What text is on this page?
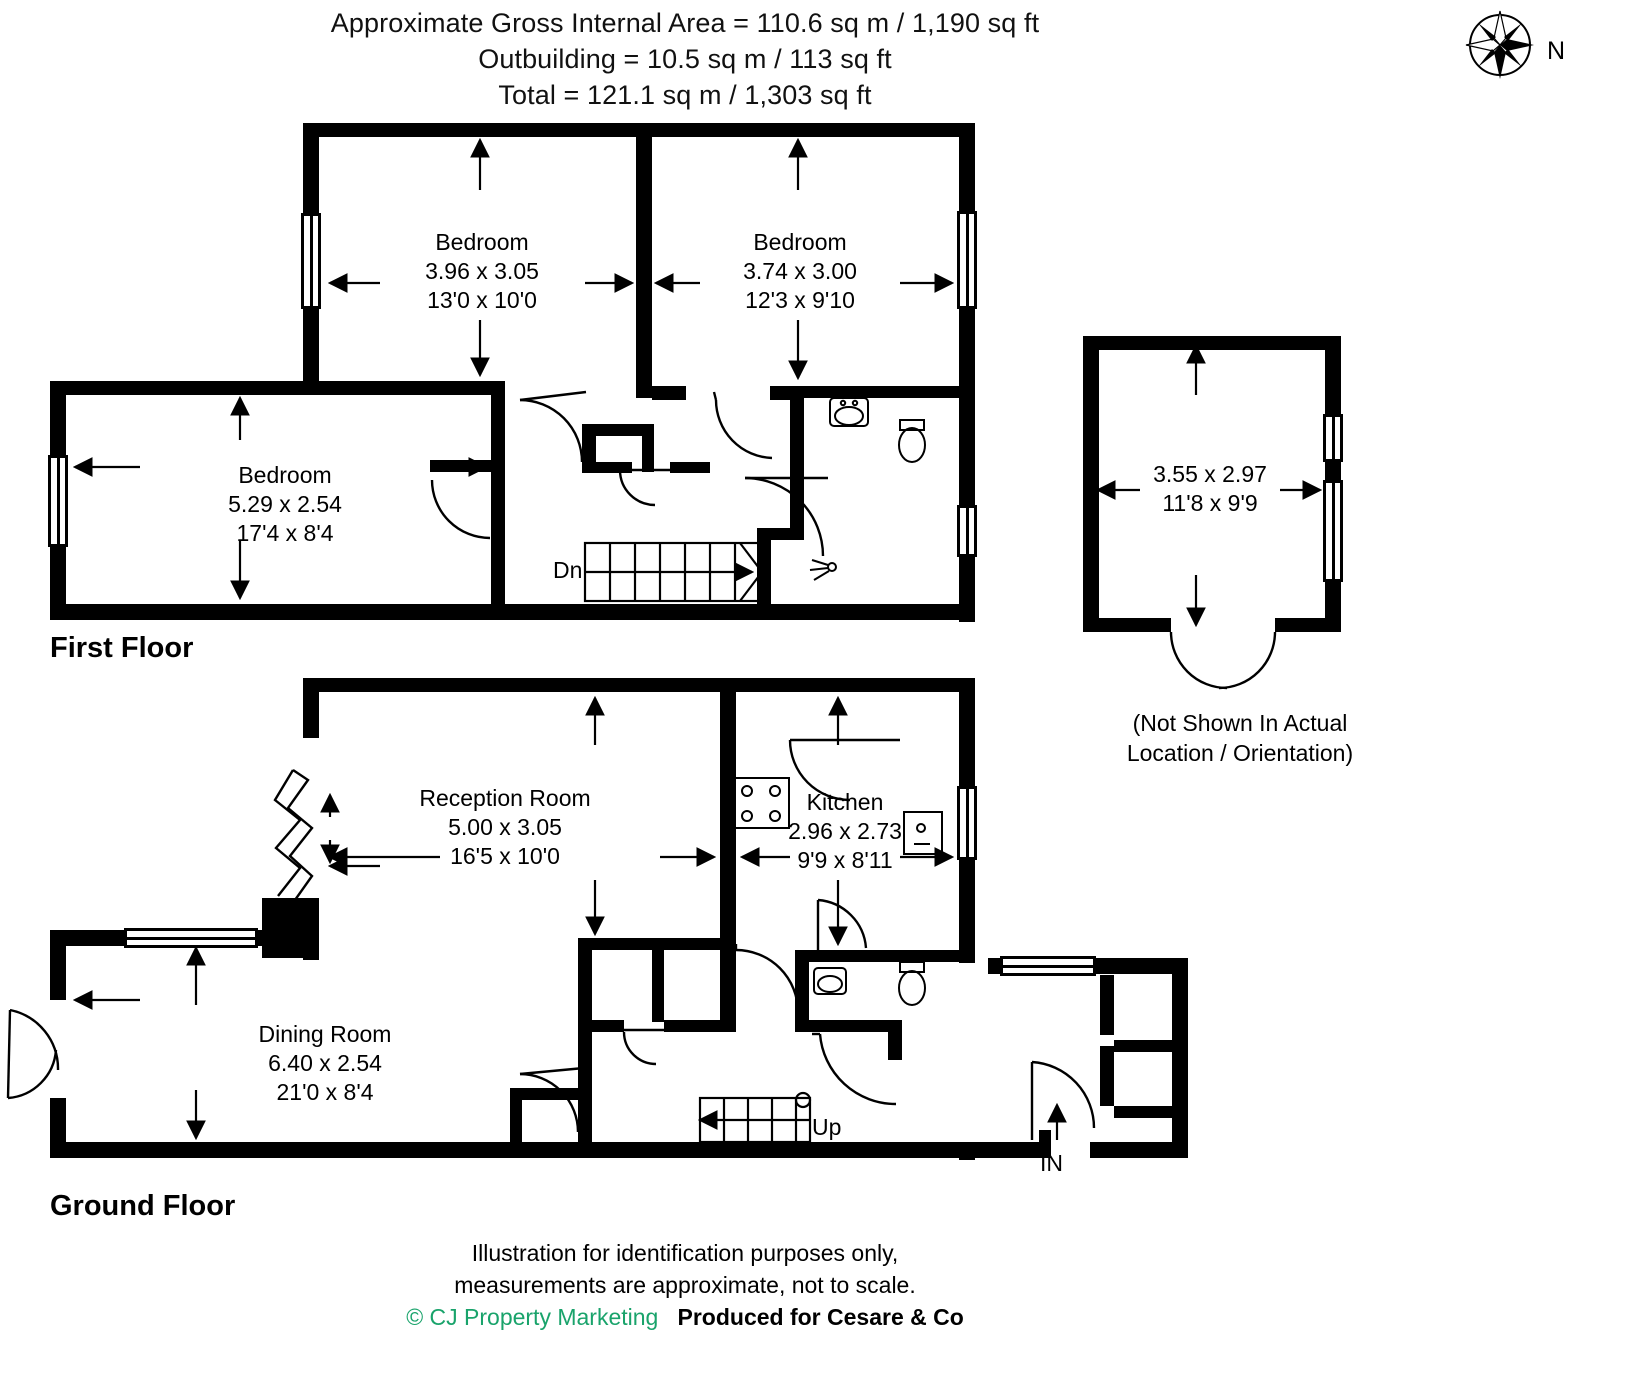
Approximate Gross Internal Area = 110.6 sq m / 1,190 sq ft
Outbuilding = 10.5 sq m / 113 sq ft
Total = 121.1 sq m / 1,303 sq ft
N
Bedroom
3.96 x 3.05
13'0 x 10'0
Bedroom
3.74 x 3.00
12'3 x 9'10
Bedroom
5.29 x 2.54
17'4 x 8'4
Dn
First Floor
Reception Room
5.00 x 3.05
16'5 x 10'0
Kitchen
2.96 x 2.73
9'9 x 8'11
Dining Room
6.40 x 2.54
21'0 x 8'4
Up
IN
Ground Floor
3.55 x 2.97
11'8 x 9'9
(Not Shown In Actual
Location / Orientation)
Illustration for identification purposes only,
measurements are approximate, not to scale.
© CJ Property Marketing Produced for Cesare & Co
